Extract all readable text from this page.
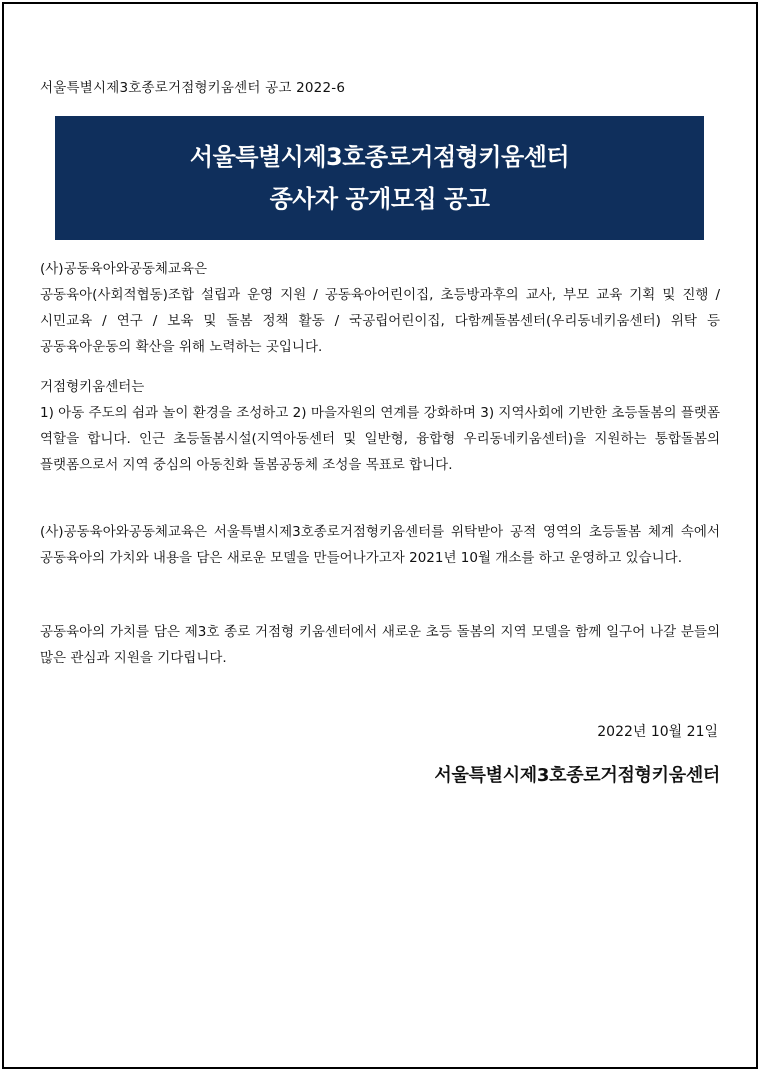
서울특별시제3호종로거점형키움센터 공고 2022-6
서울특별시제3호종로거점형키움센터
종사자 공개모집 공고
(사)공동육아와공동체교육은
공동육아(사회적협동)조합 설립과 운영 지원 / 공동육아어린이집, 초등방과후의 교사, 부모 교육 기획 및 진행 / 시민교육 / 연구 / 보육 및 돌봄 정책 활동 / 국공립어린이집, 다함께돌봄센터(우리동네키움센터) 위탁 등 공동육아운동의 확산을 위해 노력하는 곳입니다.
거점형키움센터는
1) 아동 주도의 쉼과 놀이 환경을 조성하고 2) 마을자원의 연계를 강화하며 3) 지역사회에 기반한 초등돌봄의 플랫폼 역할을 합니다. 인근 초등돌봄시설(지역아동센터 및 일반형, 융합형 우리동네키움센터)을 지원하는 통합돌봄의 플랫폼으로서 지역 중심의 아동친화 돌봄공동체 조성을 목표로 합니다.
(사)공동육아와공동체교육은 서울특별시제3호종로거점형키움센터를 위탁받아 공적 영역의 초등돌봄 체계 속에서 공동육아의 가치와 내용을 담은 새로운 모델을 만들어나가고자 2021년 10월 개소를 하고 운영하고 있습니다.
공동육아의 가치를 담은 제3호 종로 거점형 키움센터에서 새로운 초등 돌봄의 지역 모델을 함께 일구어 나갈 분들의 많은 관심과 지원을 기다립니다.
2022년 10월 21일
서울특별시제3호종로거점형키움센터
